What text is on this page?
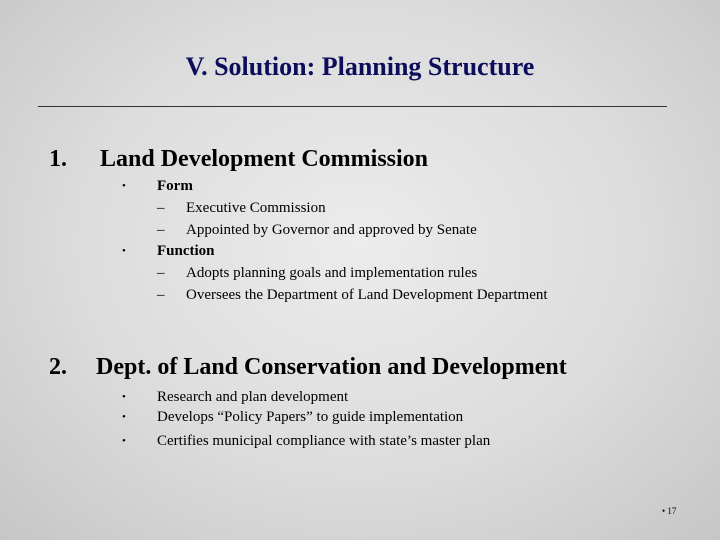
V. Solution: Planning Structure
1. Land Development Commission
• Form
– Executive Commission
– Appointed by Governor and approved by Senate
• Function
– Adopts planning goals and implementation rules
– Oversees the Department of Land Development Department
2. Dept. of Land Conservation and Development
• Research and plan development
• Develops “Policy Papers” to guide implementation
• Certifies municipal compliance with state’s master plan
• 17
